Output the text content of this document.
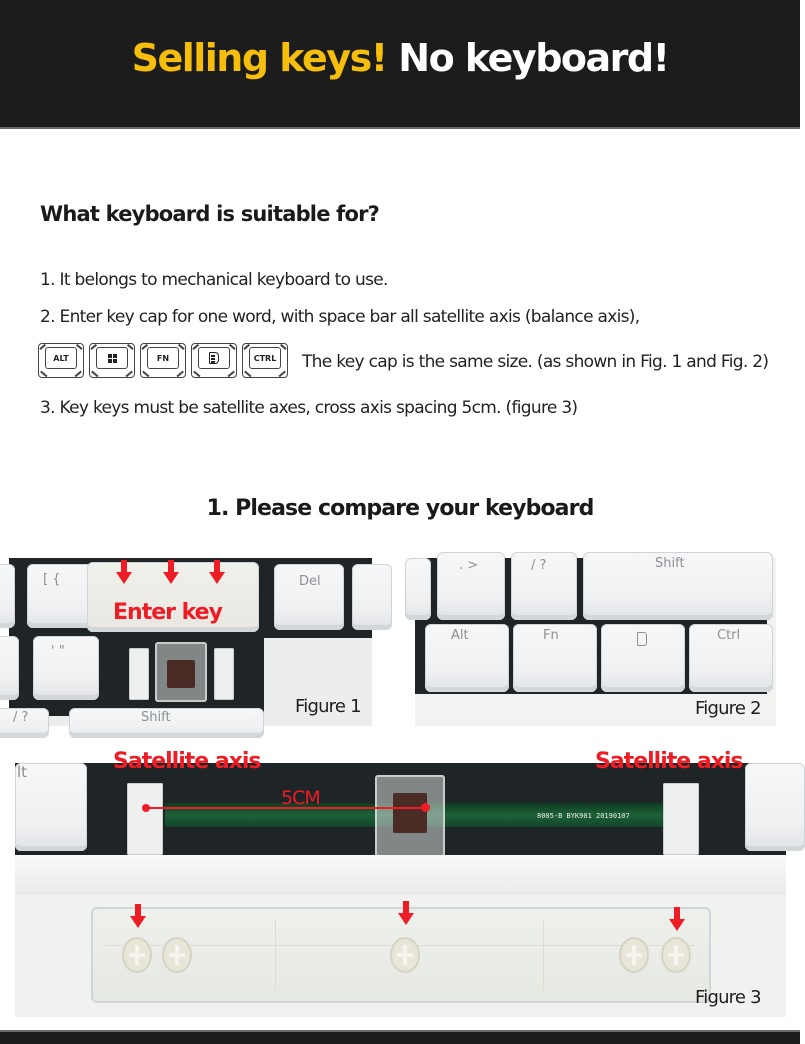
Selling keys! No keyboard!
What keyboard is suitable for?
1. It belongs to mechanical keyboard to use.
2. Enter key cap for one word, with space bar all satellite axis (balance axis),
ALT	FN	CTRL The key cap is the same size. (as shown in Fig. 1 and Fig. 2)
3. Key keys must be satellite axes, cross axis spacing 5cm. (figure 3)
1. Please compare your keyboard
[ {	Del
' "
/ ?	Shift
Enter key
Figure 1
. >	/ ?	Shift
Alt	Fn	Ctrl
Figure 2
lt
8005-B BYK901 20190107
5CM
Satellite axis	Satellite axis
Figure 3
